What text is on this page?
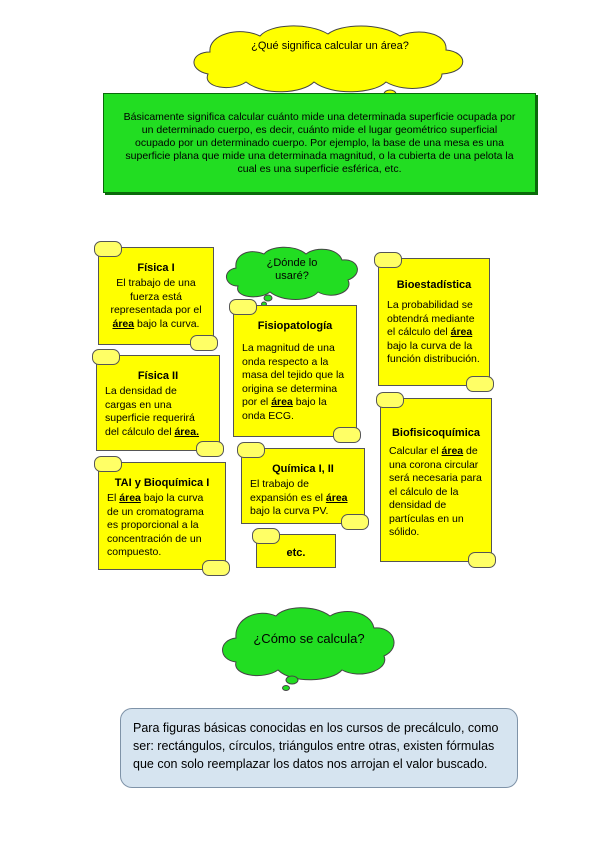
¿Qué significa calcular un área?
Básicamente significa calcular cuánto mide una determinada superficie ocupada por un determinado cuerpo, es decir, cuánto mide el lugar geométrico superficial ocupado por un determinado cuerpo. Por ejemplo, la base de una mesa es una superficie plana que mide una determinada magnitud, o la cubierta de una pelota la cual es una superficie esférica, etc.
¿Dónde lo usaré?
Física I
El trabajo de una fuerza está representada por el área bajo la curva.
Física II
La densidad de cargas en una superficie requerirá del cálculo del área.
TAI y Bioquímica I
El área bajo la curva de un cromatograma es proporcional a la concentración de un compuesto.
Fisiopatología
La magnitud de una onda respecto a la masa del tejido que la origina se determina por el área bajo la onda ECG.
Química I, II
El trabajo de expansión es el área bajo la curva PV.
etc.
Bioestadística
La probabilidad se obtendrá mediante el cálculo del área bajo la curva de la función distribución.
Biofisicoquímica
Calcular el área de una corona circular será necesaria para el cálculo de la densidad de partículas en un sólido.
¿Cómo se calcula?
Para figuras básicas conocidas en los cursos de precálculo, como ser: rectángulos, círculos, triángulos entre otras, existen fórmulas que con solo reemplazar los datos nos arrojan el valor buscado.
